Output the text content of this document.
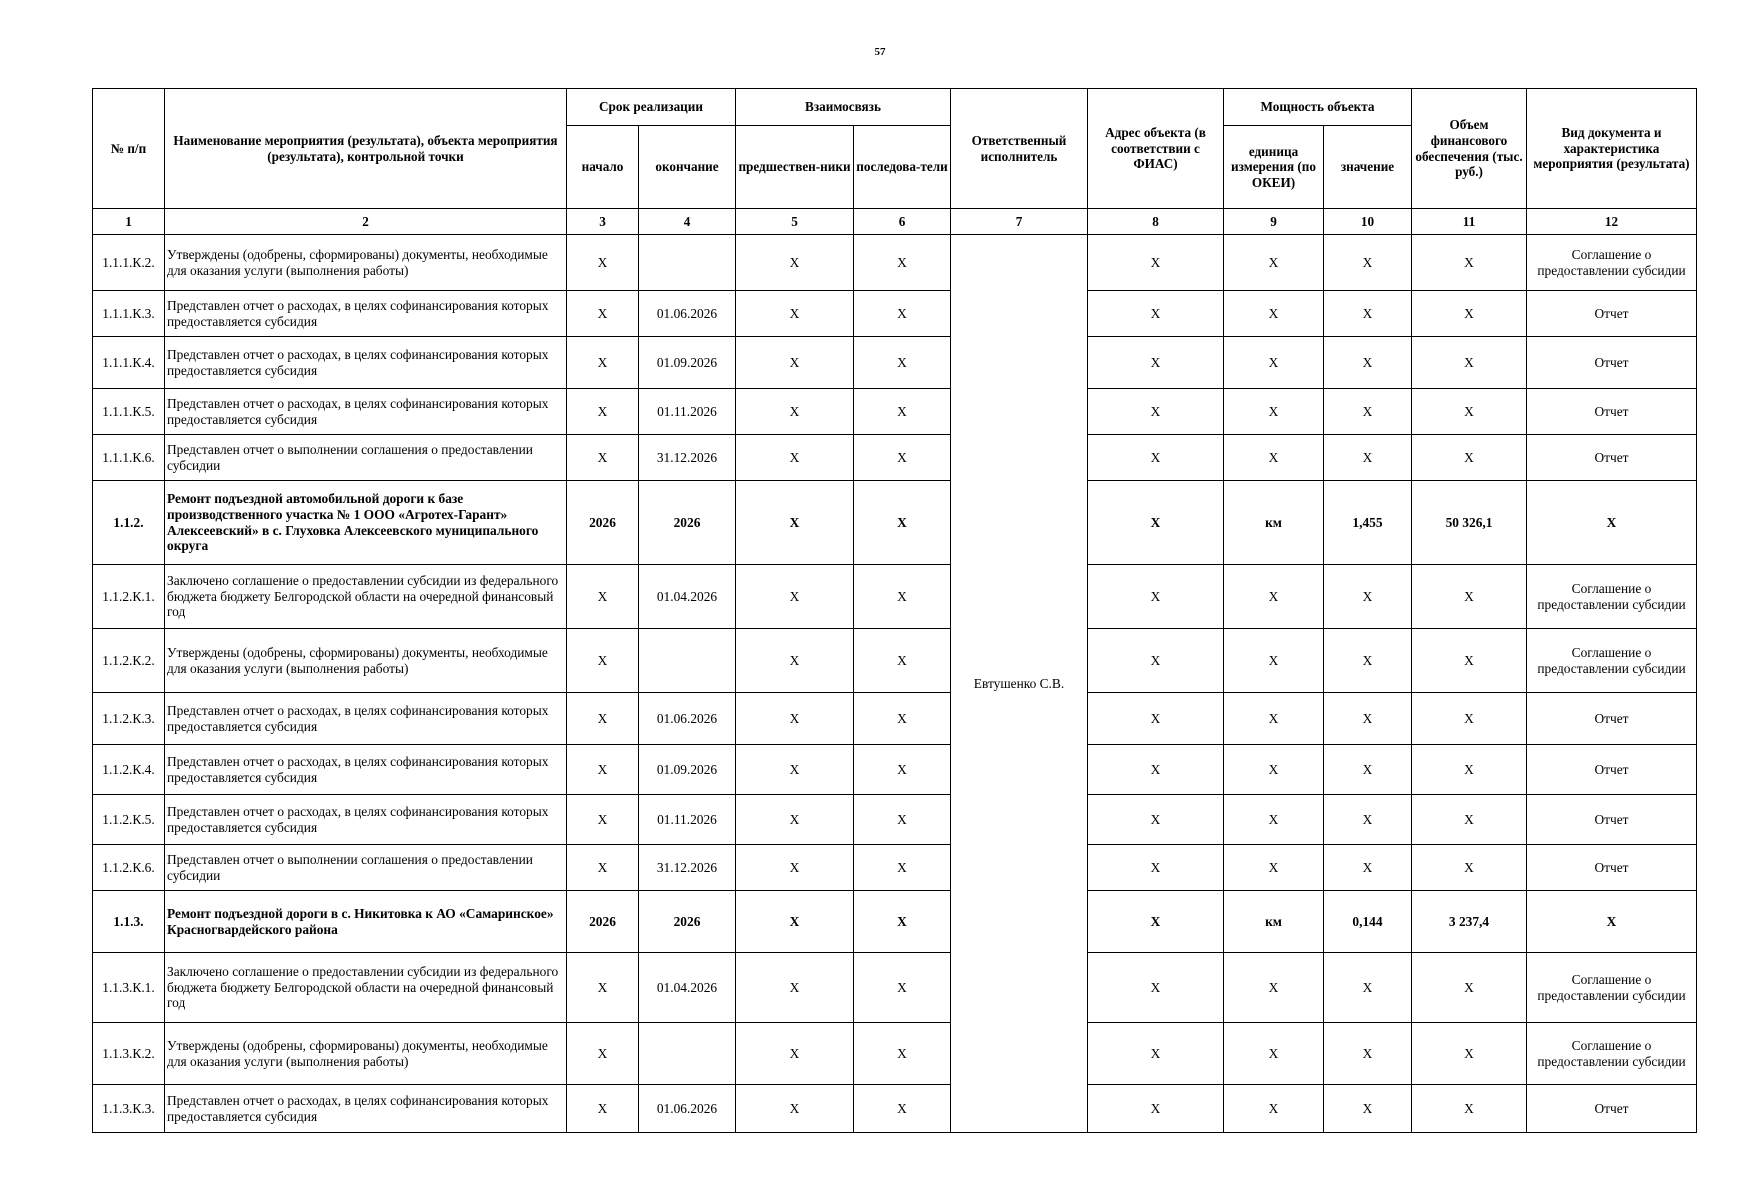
57
№ п/п	Наименование мероприятия (результата), объекта мероприятия (результата), контрольной точки	Срок реализации		Взаимосвязь		Ответственный исполнитель	Адрес объекта (в соответствии с ФИАС)	Мощность объекта		Объем финансового обеспечения (тыс. руб.)	Вид документа и характеристика мероприятия (результата)
		начало	окончание	предшествен-ники	последова-тели			единица измерения (по ОКЕИ)	значение		
1	2	3	4	5	6	7	8	9	10	11	12
1.1.1.К.2.	Утверждены (одобрены, сформированы) документы, необходимые для оказания услуги (выполнения работы)	X		X	X	Евтушенко С.В.	X	X	X	X	Соглашение о предоставлении субсидии
1.1.1.К.3.	Представлен отчет о расходах, в целях софинансирования которых предоставляется субсидия	X	01.06.2026	X	X		X	X	X	X	Отчет
1.1.1.К.4.	Представлен отчет о расходах, в целях софинансирования которых предоставляется субсидия	X	01.09.2026	X	X		X	X	X	X	Отчет
1.1.1.К.5.	Представлен отчет о расходах, в целях софинансирования которых предоставляется субсидия	X	01.11.2026	X	X		X	X	X	X	Отчет
1.1.1.К.6.	Представлен отчет о выполнении соглашения о предоставлении субсидии	X	31.12.2026	X	X		X	X	X	X	Отчет
1.1.2.	Ремонт подъездной автомобильной дороги к базе производственного участка № 1 ООО «Агротех-Гарант» Алексеевский» в с. Глуховка Алексеевского муниципального округа	2026	2026	X	X		X	км	1,455	50 326,1	X
1.1.2.К.1.	Заключено соглашение о предоставлении субсидии из федерального бюджета бюджету Белгородской области на очередной финансовый год	X	01.04.2026	X	X		X	X	X	X	Соглашение о предоставлении субсидии
1.1.2.К.2.	Утверждены (одобрены, сформированы) документы, необходимые для оказания услуги (выполнения работы)	X		X	X		X	X	X	X	Соглашение о предоставлении субсидии
1.1.2.К.3.	Представлен отчет о расходах, в целях софинансирования которых предоставляется субсидия	X	01.06.2026	X	X		X	X	X	X	Отчет
1.1.2.К.4.	Представлен отчет о расходах, в целях софинансирования которых предоставляется субсидия	X	01.09.2026	X	X		X	X	X	X	Отчет
1.1.2.К.5.	Представлен отчет о расходах, в целях софинансирования которых предоставляется субсидия	X	01.11.2026	X	X		X	X	X	X	Отчет
1.1.2.К.6.	Представлен отчет о выполнении соглашения о предоставлении субсидии	X	31.12.2026	X	X		X	X	X	X	Отчет
1.1.3.	Ремонт подъездной дороги в с. Никитовка к АО «Самаринское» Красногвардейского района	2026	2026	X	X		X	км	0,144	3 237,4	X
1.1.3.К.1.	Заключено соглашение о предоставлении субсидии из федерального бюджета бюджету Белгородской области на очередной финансовый год	X	01.04.2026	X	X		X	X	X	X	Соглашение о предоставлении субсидии
1.1.3.К.2.	Утверждены (одобрены, сформированы) документы, необходимые для оказания услуги (выполнения работы)	X		X	X		X	X	X	X	Соглашение о предоставлении субсидии
1.1.3.К.3.	Представлен отчет о расходах, в целях софинансирования которых предоставляется субсидия	X	01.06.2026	X	X		X	X	X	X	Отчет
